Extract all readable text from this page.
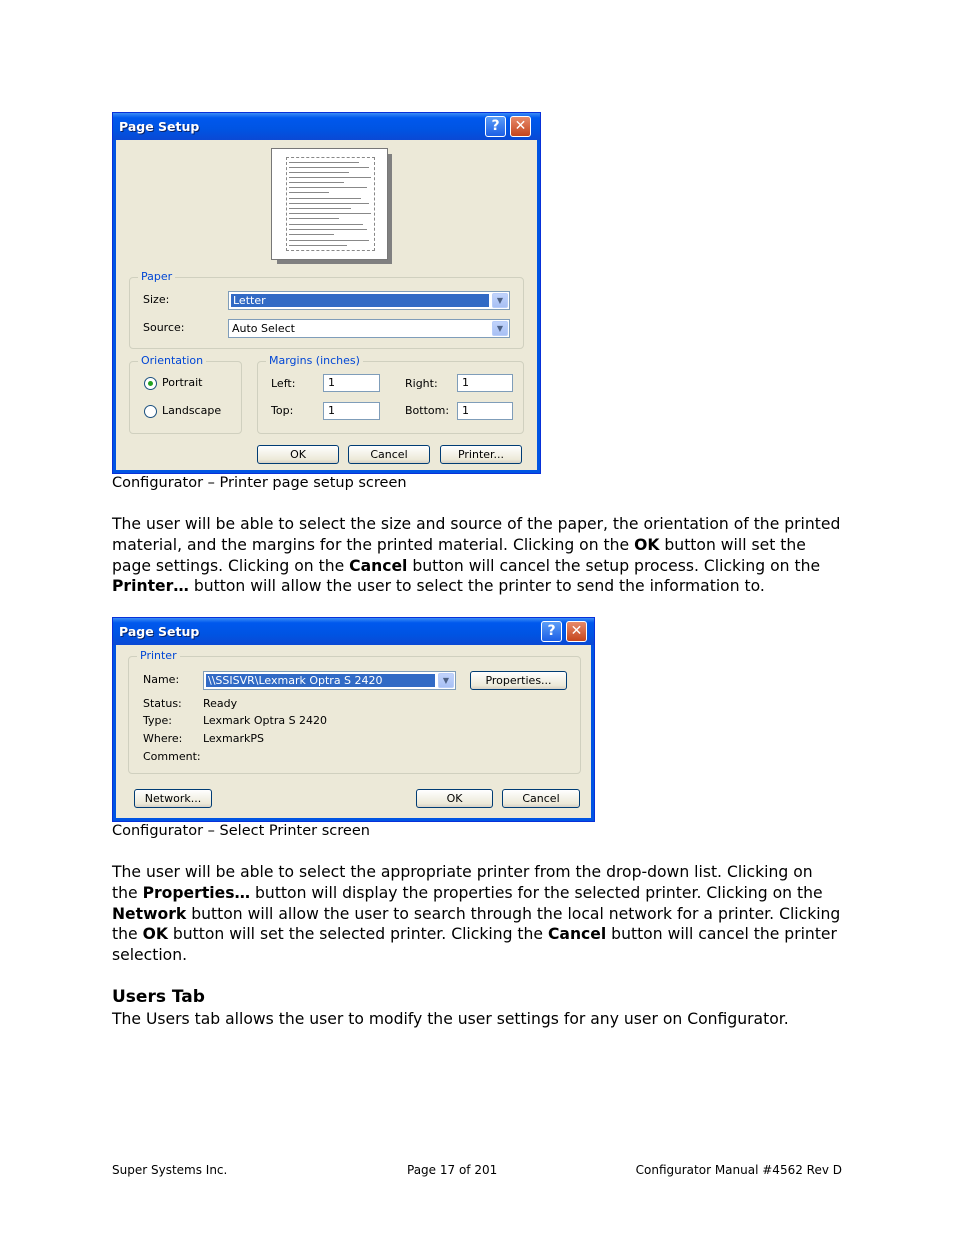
Page Setup	?	✕
Paper
Size:	Letter	▼
Source:	Auto Select	▼
Orientation
Portrait
Landscape
Margins (inches)
Left:	1	Right:	1
Top:	1	Bottom:	1
OK	Cancel	Printer...
Configurator – Printer page setup screen

The user will be able to select the size and source of the paper, the orientation of the printed material, and the margins for the printed material. Clicking on the OK button will set the page settings. Clicking on the Cancel button will cancel the setup process. Clicking on the Printer… button will allow the user to select the printer to send the information to.

Page Setup	?	✕
Printer
Name:	\\SSISVR\Lexmark Optra S 2420	▼	Properties...
Status: Ready
Type:	Lexmark Optra S 2420
Where: LexmarkPS
Comment:
Network...	OK	Cancel
Configurator – Select Printer screen

The user will be able to select the appropriate printer from the drop-down list. Clicking on the Properties… button will display the properties for the selected printer. Clicking on the Network button will allow the user to search through the local network for a printer. Clicking the OK button will set the selected printer. Clicking the Cancel button will cancel the printer selection.

Users Tab
The Users tab allows the user to modify the user settings for any user on Configurator.
Super Systems Inc.	Page 17 of 201	Configurator Manual #4562 Rev D
